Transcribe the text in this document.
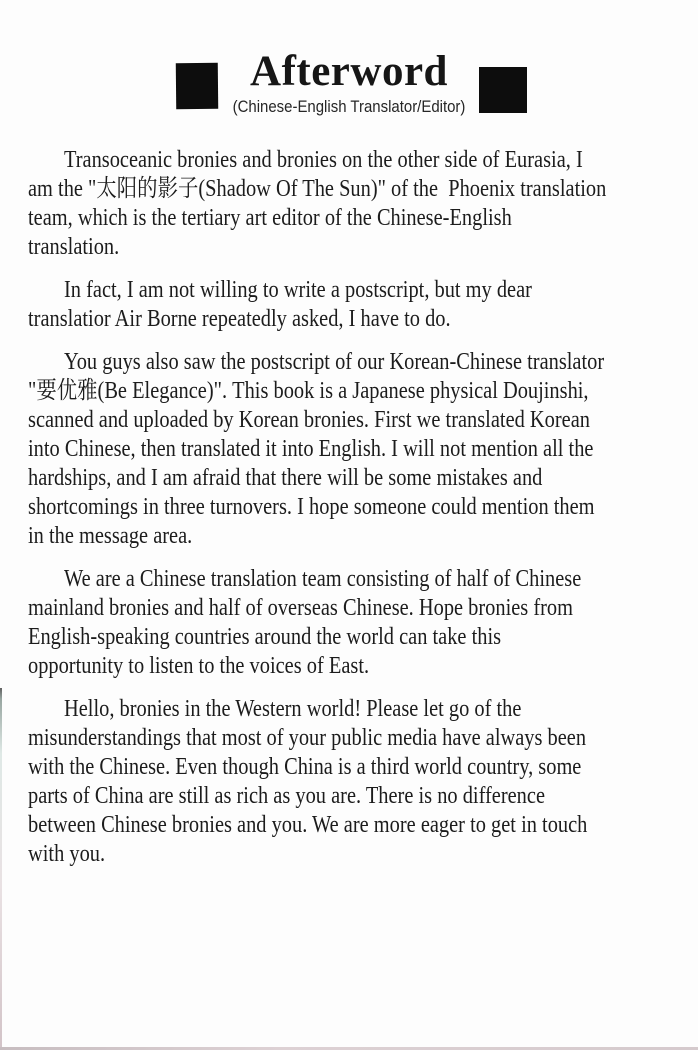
Afterword
(Chinese-English Translator/Editor)
Transoceanic bronies and bronies on the other side of Eurasia, I
am the "太阳的影子(Shadow Of The Sun)" of the  Phoenix translation
team, which is the tertiary art editor of the Chinese-English
translation.
In fact, I am not willing to write a postscript, but my dear
translatior Air Borne repeatedly asked, I have to do.
You guys also saw the postscript of our Korean-Chinese translator
"要优雅(Be Elegance)". This book is a Japanese physical Doujinshi,
scanned and uploaded by Korean bronies. First we translated Korean
into Chinese, then translated it into English. I will not mention all the
hardships, and I am afraid that there will be some mistakes and
shortcomings in three turnovers. I hope someone could mention them
in the message area.
We are a Chinese translation team consisting of half of Chinese
mainland bronies and half of overseas Chinese. Hope bronies from
English-speaking countries around the world can take this
opportunity to listen to the voices of East.
Hello, bronies in the Western world! Please let go of the
misunderstandings that most of your public media have always been
with the Chinese. Even though China is a third world country, some
parts of China are still as rich as you are. There is no difference
between Chinese bronies and you. We are more eager to get in touch
with you.
